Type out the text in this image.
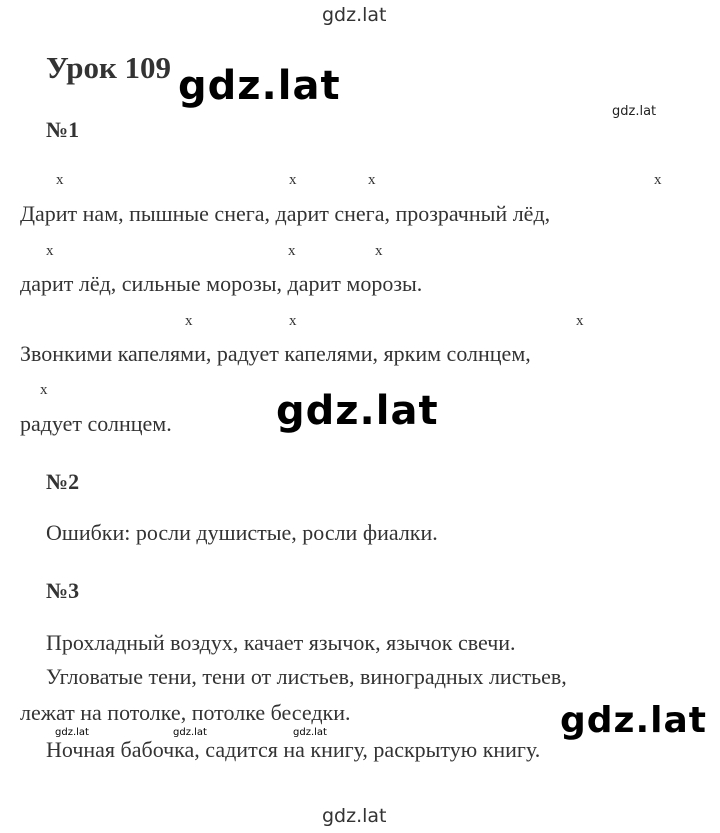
gdz.lat
gdz.lat
gdz.lat
gdz.lat
gdz.lat
gdz.lat	gdz.lat	gdz.lat
gdz.lat
Урок 109
№1
x	x	x	x
Дарит нам, пышные снега, дарит снега, прозрачный лёд,
x	x	x
дарит лёд, сильные морозы, дарит морозы.
x	x	x
Звонкими капелями, радует капелями, ярким солнцем,
x
радует солнцем.
№2
Ошибки: росли душистые, росли фиалки.
№3
Прохладный воздух, качает язычок, язычок свечи.
Угловатые тени, тени от листьев, виноградных листьев,
лежат на потолке, потолке беседки.
Ночная бабочка, садится на книгу, раскрытую книгу.
